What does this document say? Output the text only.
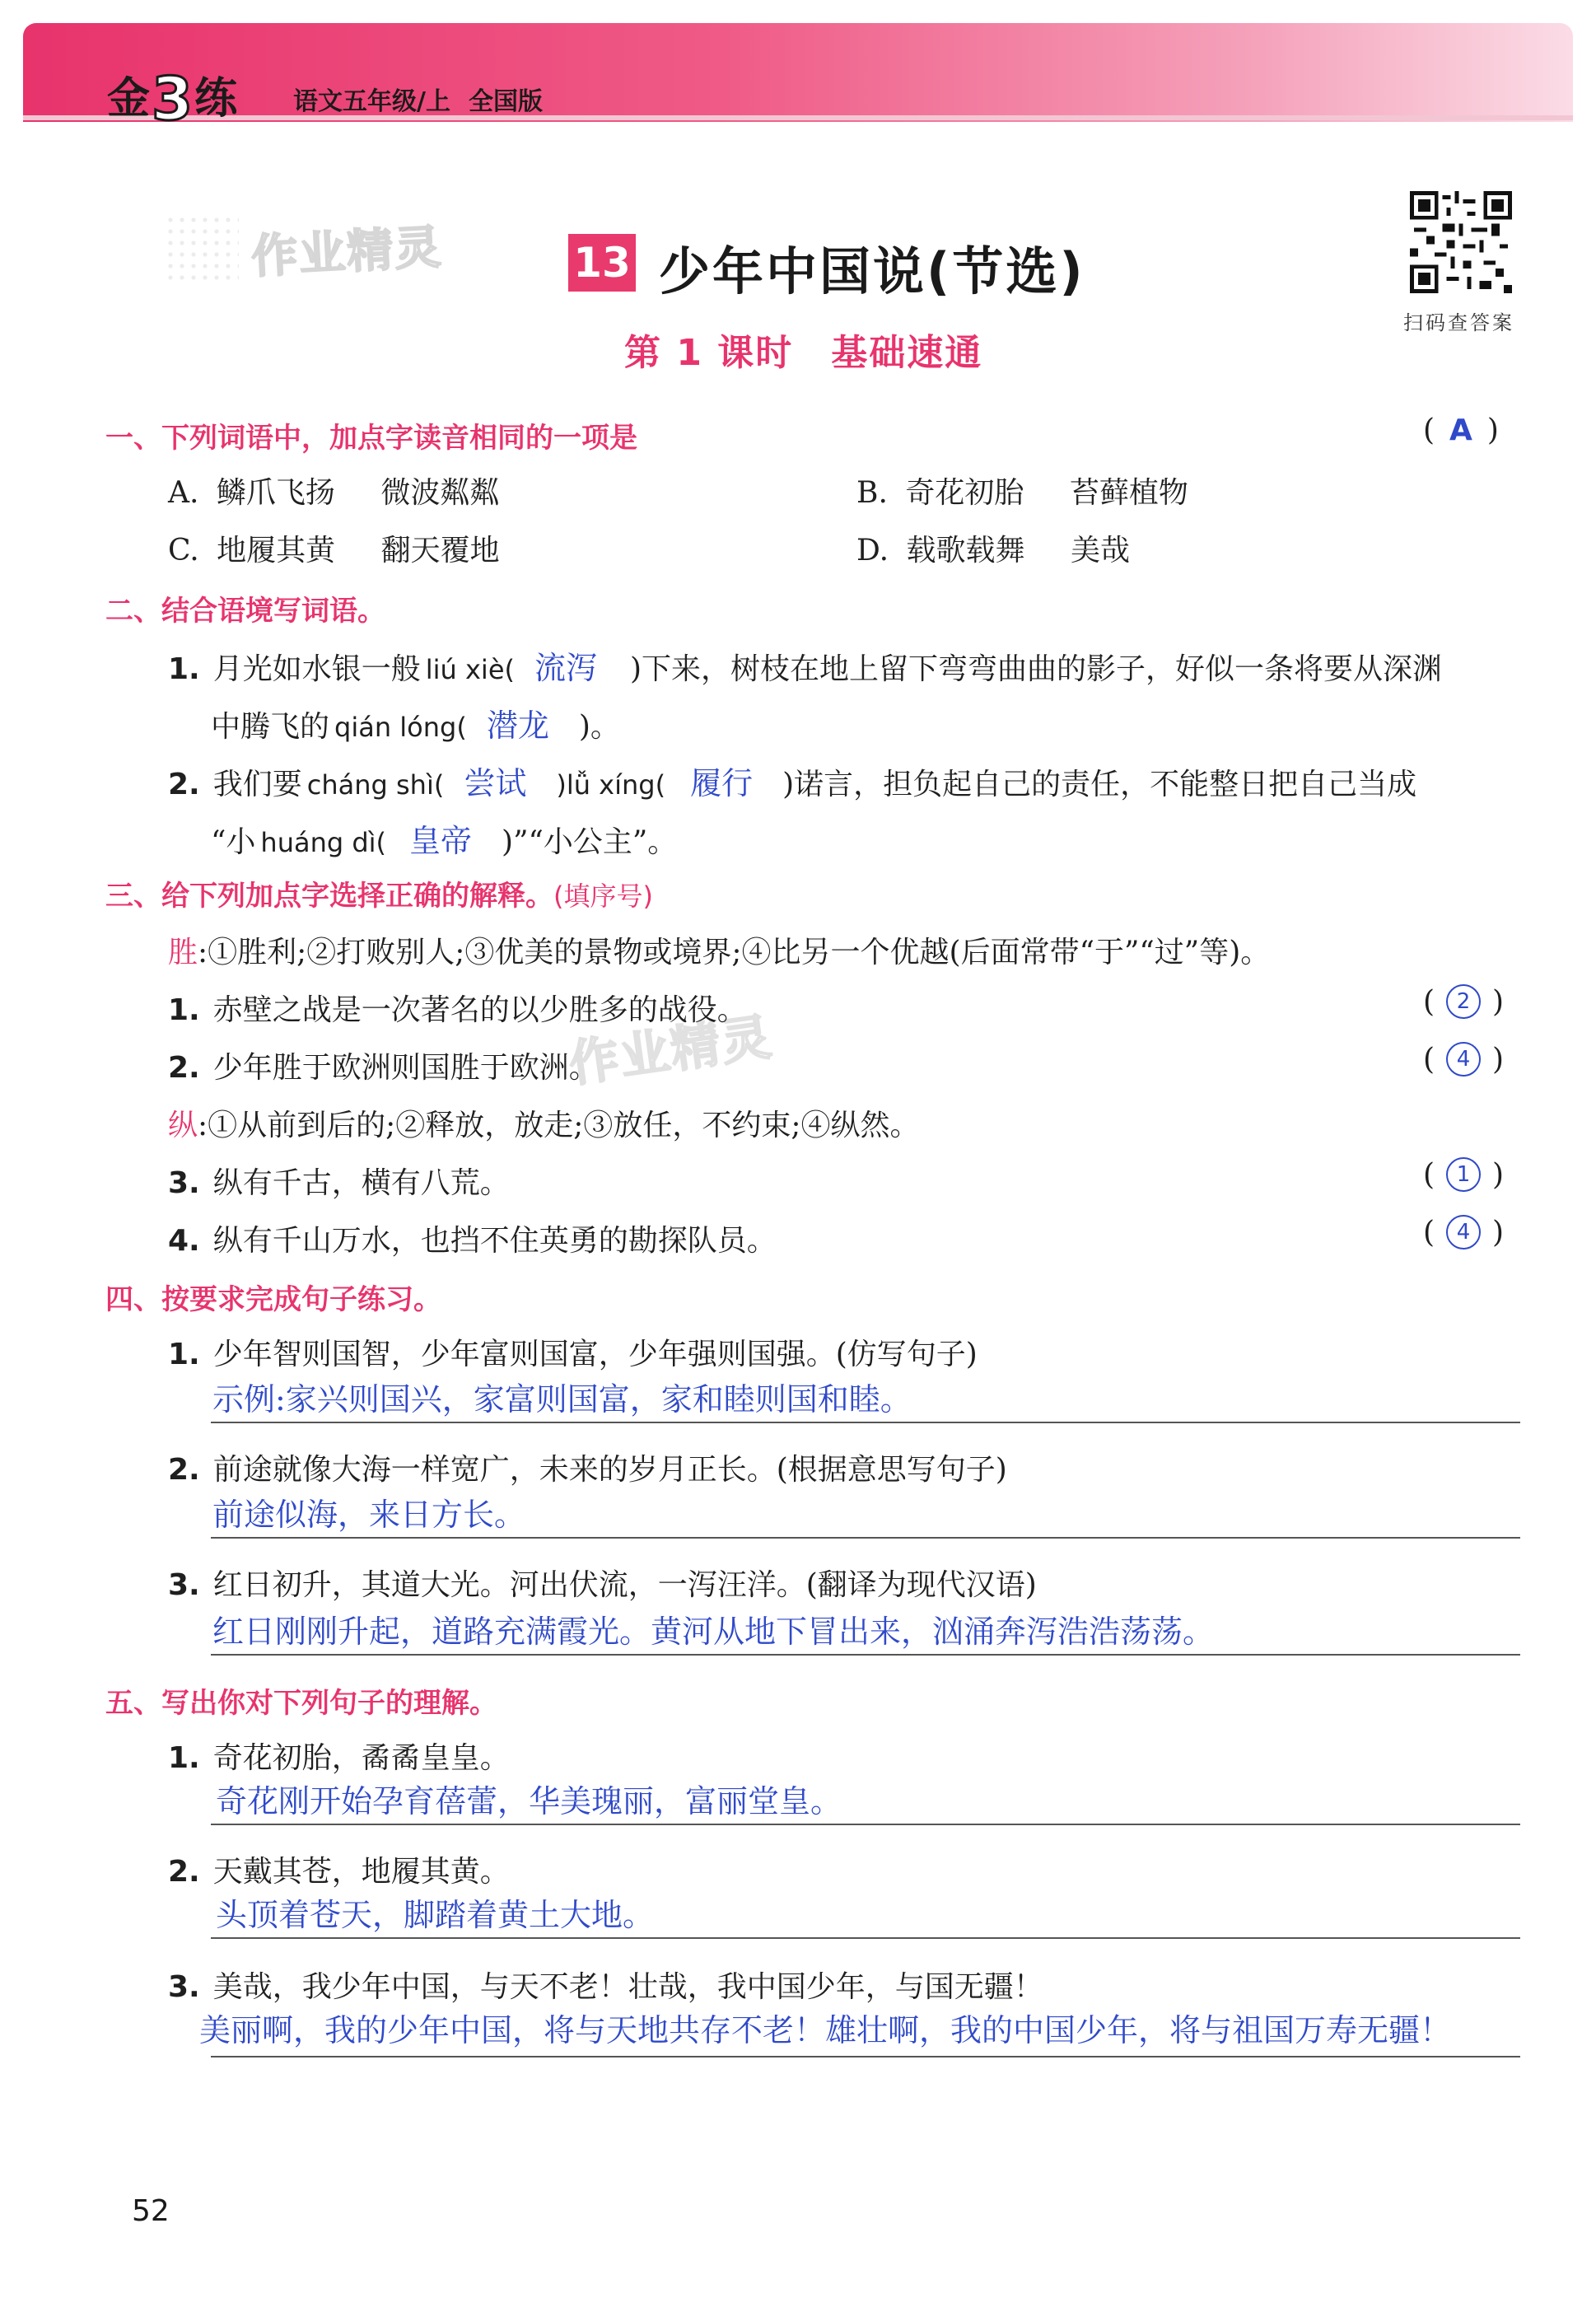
金3练 语文五年级/上 全国版
作业精灵
作业精灵
13 少年中国说(节选)
第 1 课时　基础速通
扫码查答案
一、下列词语中，加点字读音相同的一项是	( A )
A. 鳞爪飞扬 微波粼粼	B. 奇花初胎 苔藓植物
C. 地履其黄 翻天覆地	D. 载歌载舞 美哉
二、结合语境写词语。
1. 月光如水银一般 liú xiè( 流泻 )下来，树枝在地上留下弯弯曲曲的影子，好似一条将要从深渊
中腾飞的 qián lóng( 潜龙 )。
2. 我们要 cháng shì( 尝试 )lǚ xíng( 履行 )诺言，担负起自己的责任，不能整日把自己当成
“小 huáng dì( 皇帝 )”“小公主”。
三、给下列加点字选择正确的解释。(填序号)
胜:①胜利;②打败别人;③优美的景物或境界;④比另一个优越(后面常带“于”“过”等)。
1. 赤壁之战是一次著名的以少胜多的战役。	( 2 )
2. 少年胜于欧洲则国胜于欧洲。	( 4 )
纵:①从前到后的;②释放，放走;③放任，不约束;④纵然。
3. 纵有千古，横有八荒。	( 1 )
4. 纵有千山万水，也挡不住英勇的勘探队员。	( 4 )
四、按要求完成句子练习。
1. 少年智则国智，少年富则国富，少年强则国强。(仿写句子)
示例:家兴则国兴，家富则国富，家和睦则国和睦。
2. 前途就像大海一样宽广，未来的岁月正长。(根据意思写句子)
前途似海，来日方长。
3. 红日初升，其道大光。河出伏流，一泻汪洋。(翻译为现代汉语)
红日刚刚升起，道路充满霞光。黄河从地下冒出来，汹涌奔泻浩浩荡荡。
五、写出你对下列句子的理解。
1. 奇花初胎，矞矞皇皇。
奇花刚开始孕育蓓蕾，华美瑰丽，富丽堂皇。
2. 天戴其苍，地履其黄。
头顶着苍天，脚踏着黄土大地。
3. 美哉，我少年中国，与天不老！壮哉，我中国少年，与国无疆！
美丽啊，我的少年中国，将与天地共存不老！雄壮啊，我的中国少年，将与祖国万寿无疆！
52
